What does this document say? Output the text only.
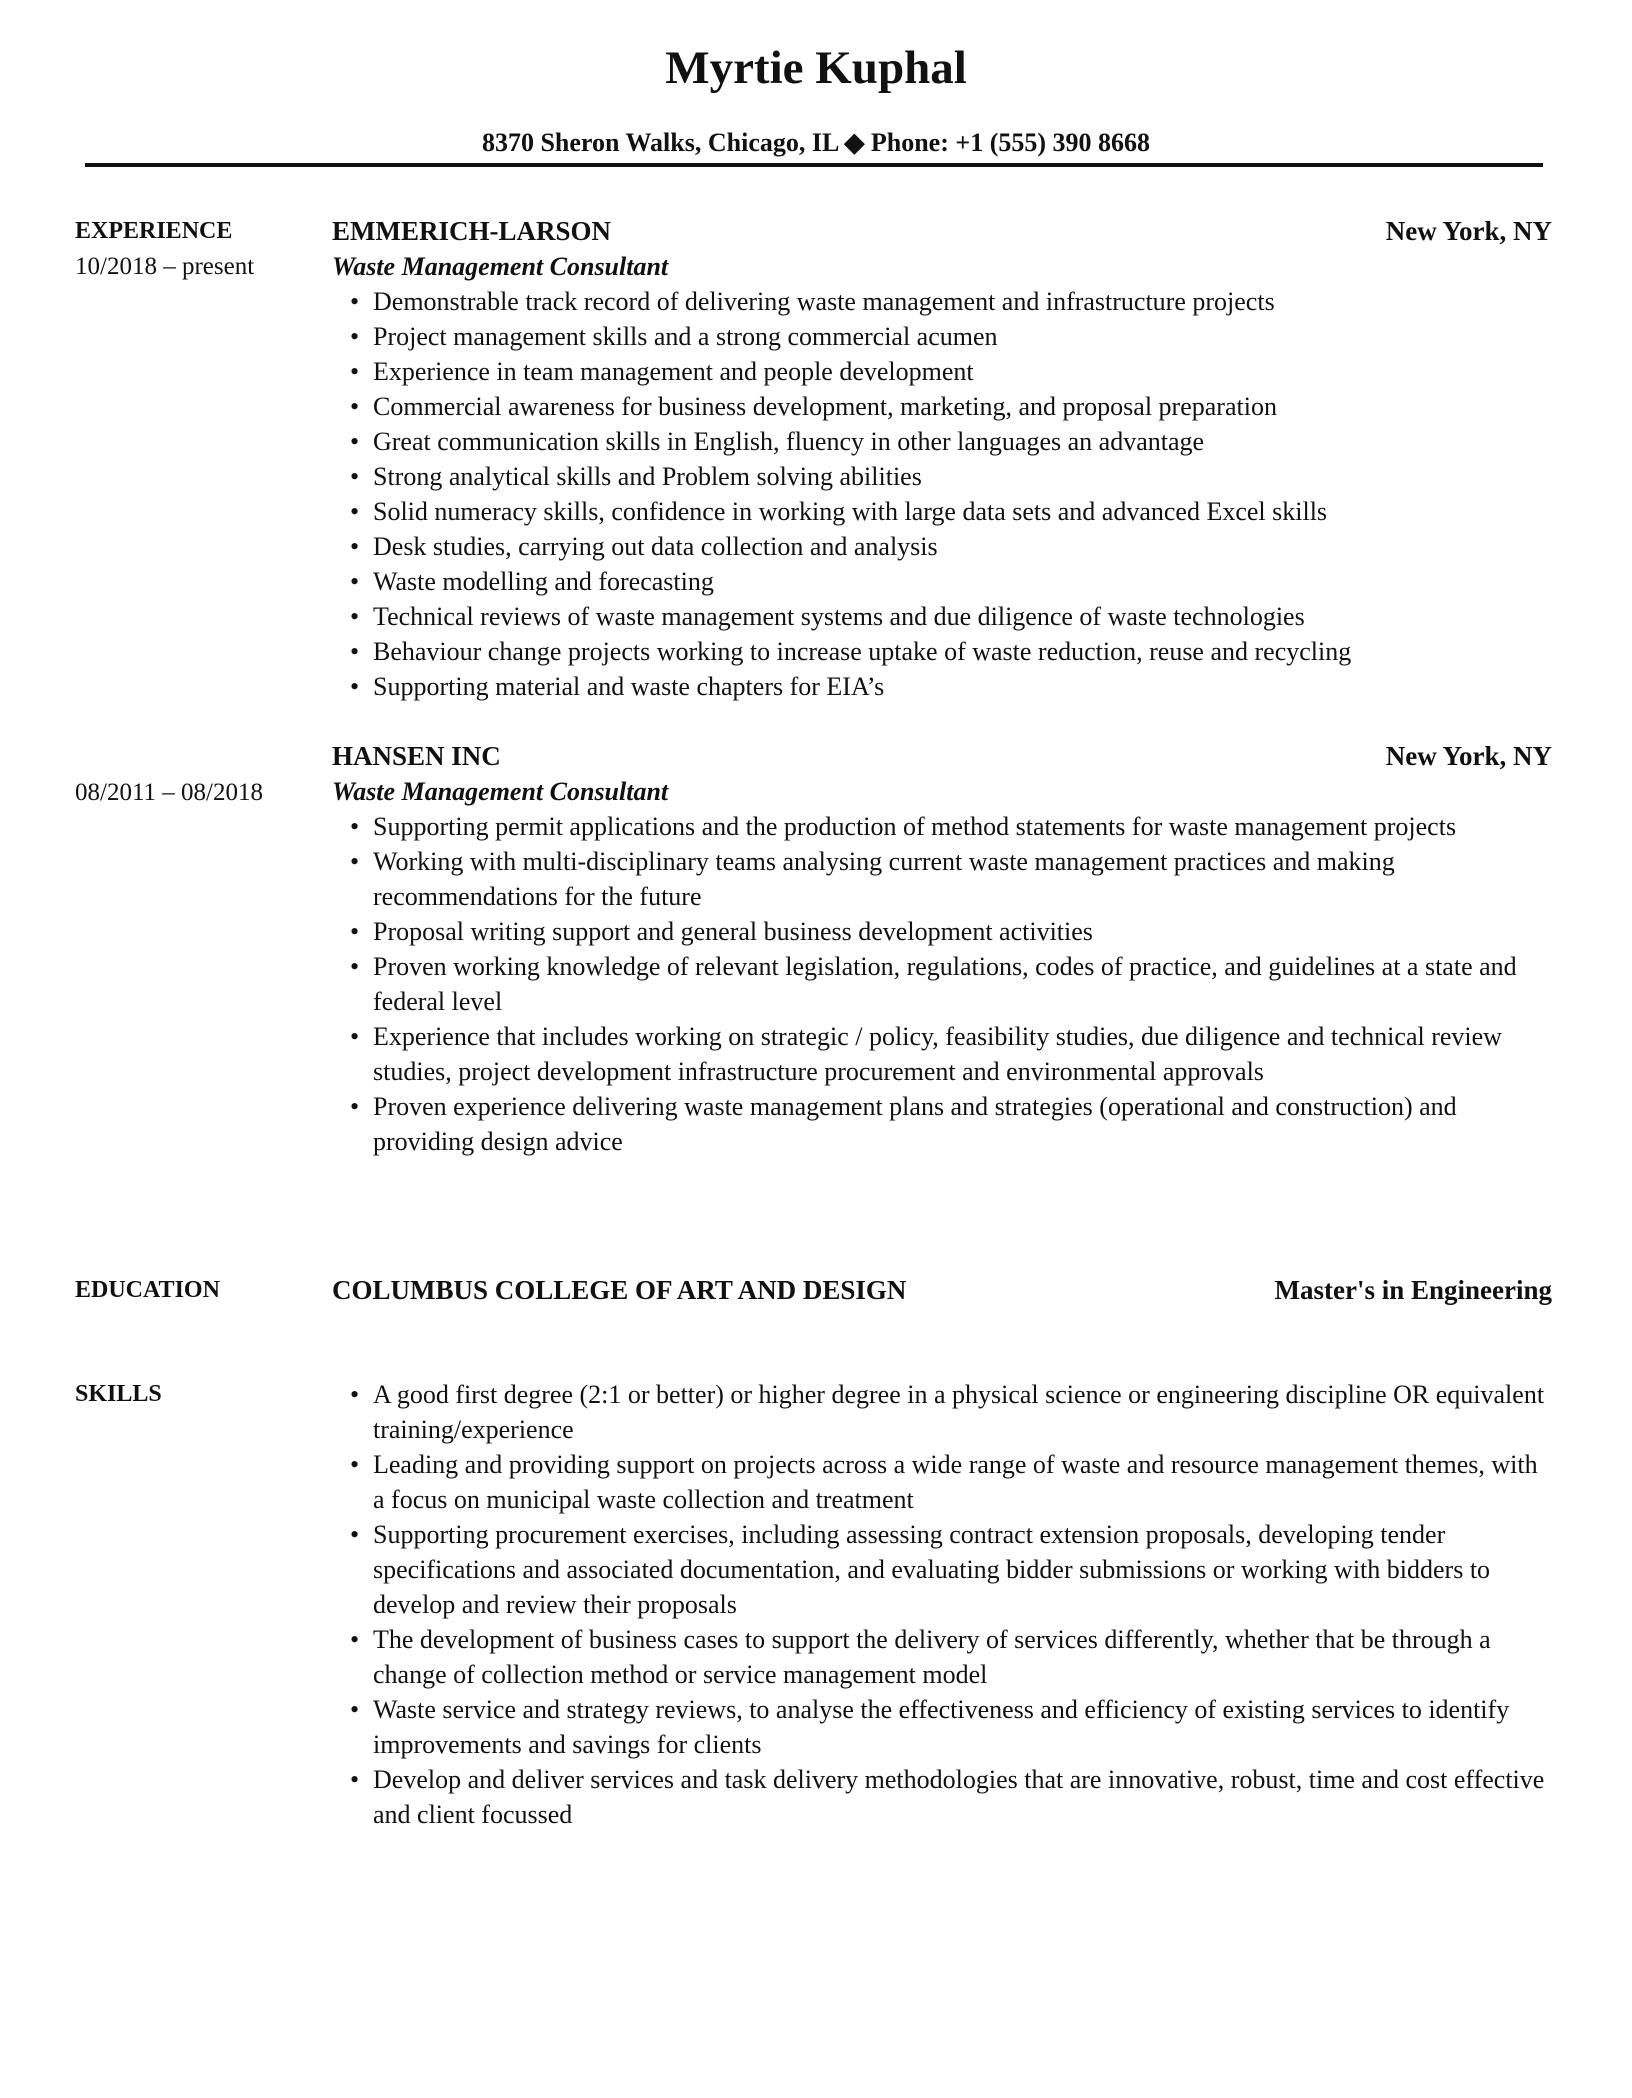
Myrtie Kuphal
8370 Sheron Walks, Chicago, IL ◆ Phone: +1 (555) 390 8668
EXPERIENCE
10/2018 – present
EMMERICH-LARSON	New York, NY
Waste Management Consultant
• Demonstrable track record of delivering waste management and infrastructure projects
• Project management skills and a strong commercial acumen
• Experience in team management and people development
• Commercial awareness for business development, marketing, and proposal preparation
• Great communication skills in English, fluency in other languages an advantage
• Strong analytical skills and Problem solving abilities
• Solid numeracy skills, confidence in working with large data sets and advanced Excel skills
• Desk studies, carrying out data collection and analysis
• Waste modelling and forecasting
• Technical reviews of waste management systems and due diligence of waste technologies
• Behaviour change projects working to increase uptake of waste reduction, reuse and recycling
• Supporting material and waste chapters for EIA’s
08/2011 – 08/2018
HANSEN INC	New York, NY
Waste Management Consultant
• Supporting permit applications and the production of method statements for waste management projects
• Working with multi-disciplinary teams analysing current waste management practices and making recommendations for the future
• Proposal writing support and general business development activities
• Proven working knowledge of relevant legislation, regulations, codes of practice, and guidelines at a state and federal level
• Experience that includes working on strategic / policy, feasibility studies, due diligence and technical review studies, project development infrastructure procurement and environmental approvals
• Proven experience delivering waste management plans and strategies (operational and construction) and providing design advice
EDUCATION	COLUMBUS COLLEGE OF ART AND DESIGN	Master's in Engineering
SKILLS	• A good first degree (2:1 or better) or higher degree in a physical science or engineering discipline OR equivalent training/experience
• Leading and providing support on projects across a wide range of waste and resource management themes, with a focus on municipal waste collection and treatment
• Supporting procurement exercises, including assessing contract extension proposals, developing tender specifications and associated documentation, and evaluating bidder submissions or working with bidders to develop and review their proposals
• The development of business cases to support the delivery of services differently, whether that be through a change of collection method or service management model
• Waste service and strategy reviews, to analyse the effectiveness and efficiency of existing services to identify improvements and savings for clients
• Develop and deliver services and task delivery methodologies that are innovative, robust, time and cost effective and client focussed
